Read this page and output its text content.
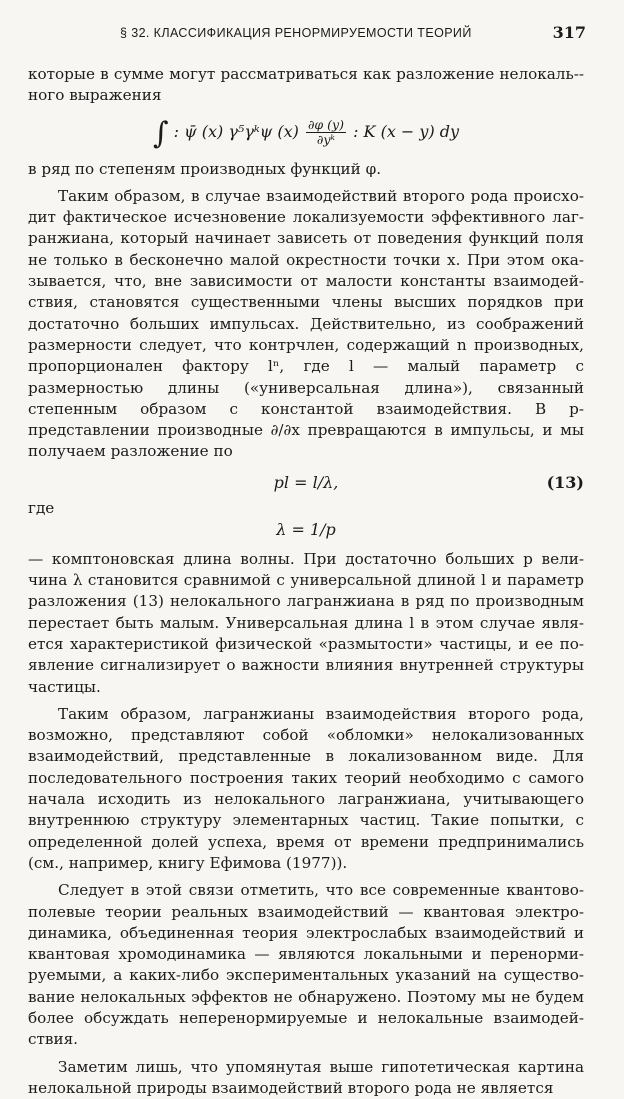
§ 32. КЛАССИФИКАЦИЯ РЕНОРМИРУЕМОСТИ ТЕОРИЙ	317

которые в сумме могут рассматриваться как разложение нелокаль-ного выражения

∫ : ψ̄ (x) γ⁵γᵏψ $(x) \frac{\partial\varphi (y)}{\text{∂yᵏ}}$ : K (x − y) dy

в ряд по степеням производных функций φ.

Таким образом, в случае взаимодействий второго рода происходит фактическое исчезновение локализуемости эффективного лагранжиана, который начинает зависеть от поведения функций поля не только в бесконечно малой окрестности точки x. При этом оказывается, что, вне зависимости от малости константы взаимодействия, становятся существенными члены высших порядков при достаточно больших импульсах. Действительно, из соображений размерности следует, что контрчлен, содержащий n производных, пропорционален фактору lⁿ, где l — малый параметр с размерностью длины («универсальная длина»), связанный степенным образом с константой взаимодействия. В p-представлении производные ∂/∂x превращаются в импульсы, и мы получаем разложение по

pl = l/λ,	(13)

где

λ = 1/p

— комптоновская длина волны. При достаточно больших p величина λ становится сравнимой с универсальной длиной l и параметр разложения (13) нелокального лагранжиана в ряд по производным перестает быть малым. Универсальная длина l в этом случае является характеристикой физической «размытости» частицы, и ее появление сигнализирует о важности влияния внутренней структуры частицы.

Таким образом, лагранжианы взаимодействия второго рода, возможно, представляют собой «обломки» нелокализованных взаимодействий, представленные в локализованном виде. Для последовательного построения таких теорий необходимо с самого начала исходить из нелокального лагранжиана, учитывающего внутреннюю структуру элементарных частиц. Такие попытки, с определенной долей успеха, время от времени предпринимались (см., например, книгу Ефимова (1977)).

Следует в этой связи отметить, что все современные квантовополевые теории реальных взаимодействий — квантовая электродинамика, объединенная теория электрослабых взаимодействий и квантовая хромодинамика — являются локальными и перенормируемыми, а каких-либо экспериментальных указаний на существование нелокальных эффектов не обнаружено. Поэтому мы не будем более обсуждать неперенормируемые и нелокальные взаимодействия.

Заметим лишь, что упомянутая выше гипотетическая картина нелокальной природы взаимодействий второго рода не является
